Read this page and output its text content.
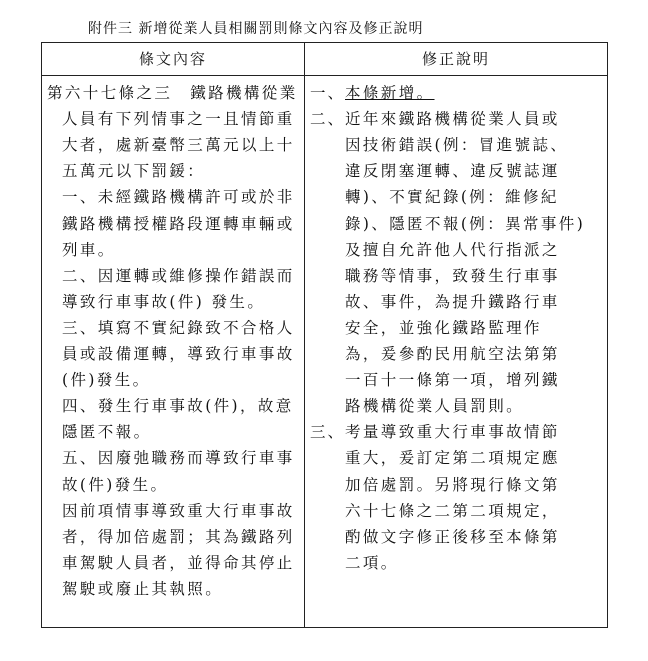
附件三 新增從業人員相關罰則條文內容及修正說明
條文內容	修正說明
第六十七條之三　鐵路機構從業
人員有下列情事之一且情節重
大者，處新臺幣三萬元以上十
五萬元以下罰鍰：
一、未經鐵路機構許可或於非
鐵路機構授權路段運轉車輛或
列車。
二、因運轉或維修操作錯誤而
導致行車事故(件) 發生。
三、填寫不實紀錄致不合格人
員或設備運轉，導致行車事故
(件)發生。
四、發生行車事故(件)，故意
隱匿不報。
五、因廢弛職務而導致行車事
故(件)發生。
因前項情事導致重大行車事故
者，得加倍處罰；其為鐵路列
車駕駛人員者，並得命其停止
駕駛或廢止其執照。
一、 本條新增。
二、 近年來鐵路機構從業人員或
因技術錯誤(例：冒進號誌、
違反閉塞運轉、違反號誌運
轉)、不實紀錄(例：維修紀
錄)、隱匿不報(例：異常事件)
及擅自允許他人代行指派之
職務等情事，致發生行車事
故、事件，為提升鐵路行車
安全，並強化鐵路監理作
為，爰參酌民用航空法第第
一百十一條第一項，增列鐵
路機構從業人員罰則。
三、 考量導致重大行車事故情節
重大，爰訂定第二項規定應
加倍處罰。另將現行條文第
六十七條之二第二項規定，
酌做文字修正後移至本條第
二項。
